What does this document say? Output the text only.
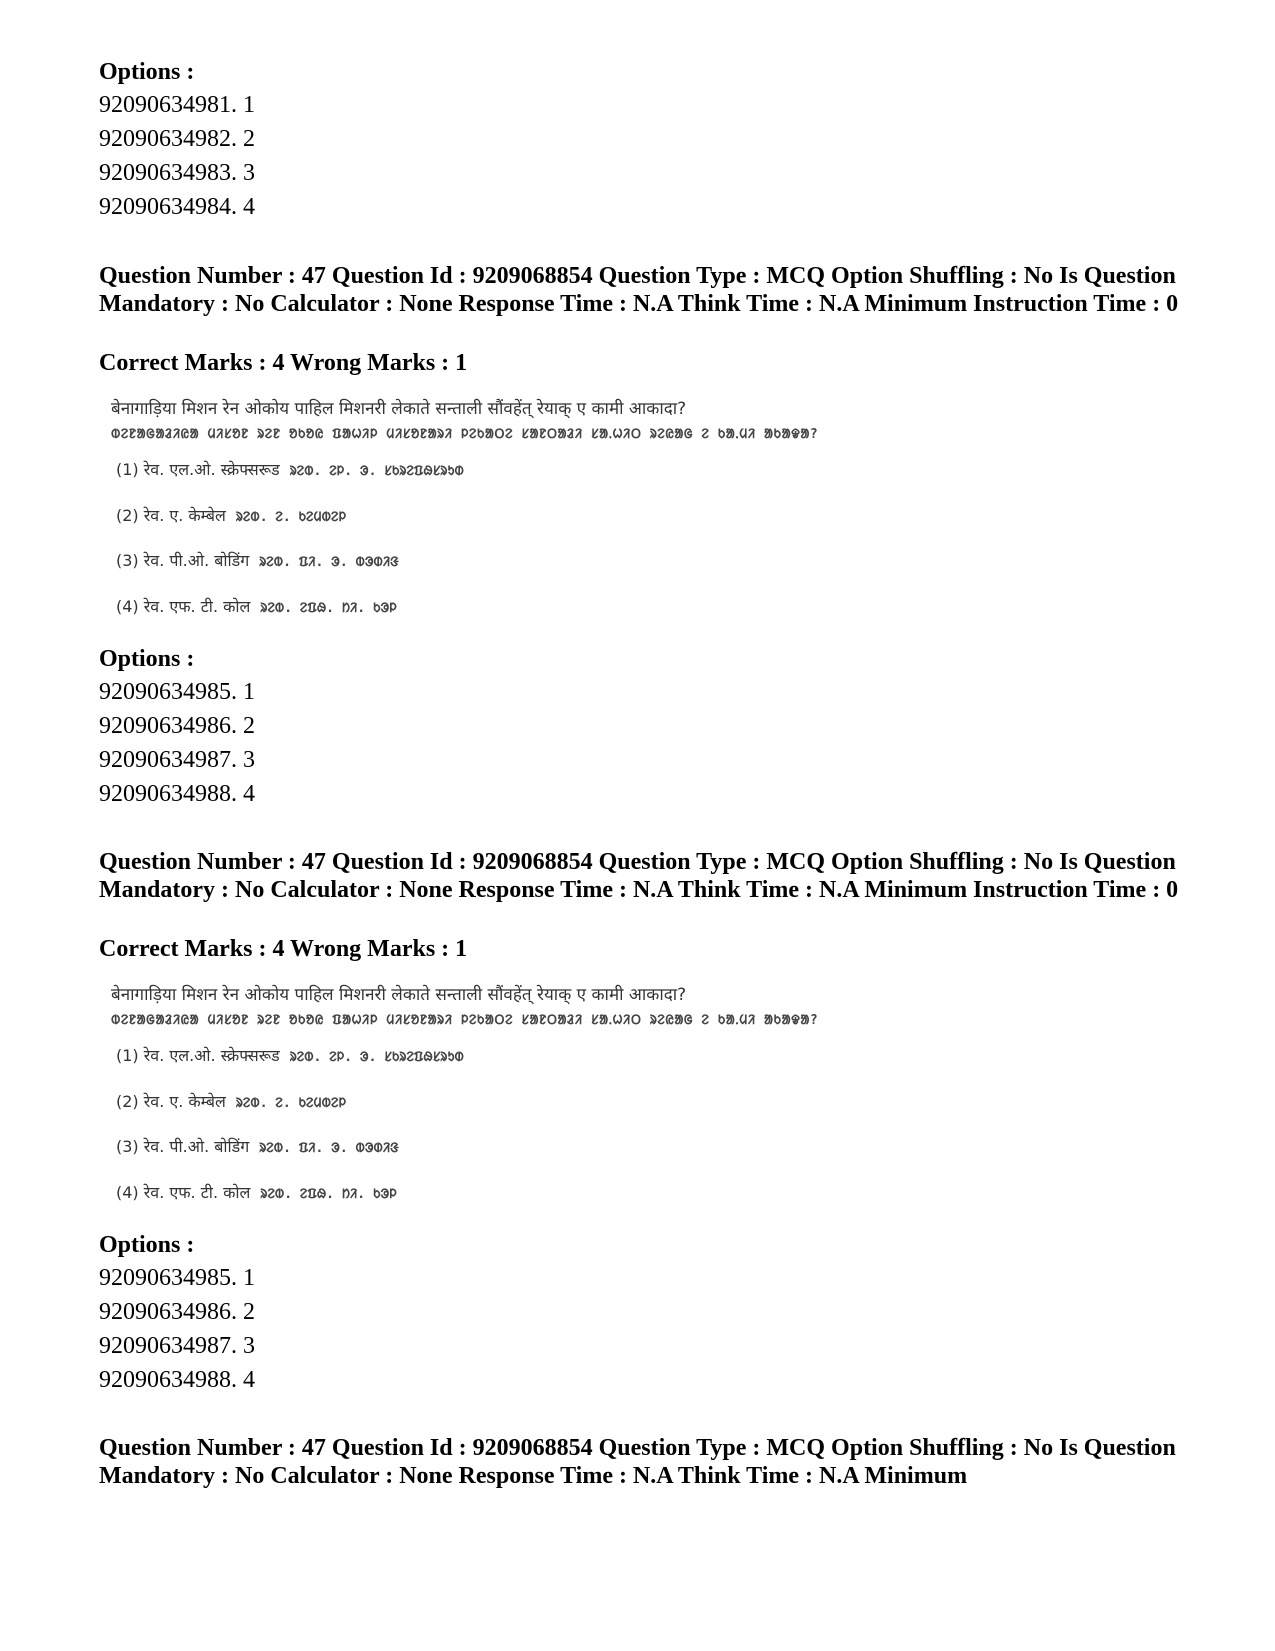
Options :

92090634981. 1

92090634982. 2

92090634983. 3

92090634984. 4

Question Number : 47 Question Id : 9209068854 Question Type : MCQ Option Shuffling : No Is Question Mandatory : No Calculator : None Response Time : N.A Think Time : N.A Minimum Instruction Time : 0

Correct Marks : 4 Wrong Marks : 1

बेनागाड़िया मिशन रेन ओकोय पाहिल मिशनरी लेकाते सन्ताली सौंवहेंत् रेयाक् ए कामी आकादा?
ᱵᱮᱱᱟᱜᱟᱲᱤᱭᱟ ᱢᱤᱥᱚᱱ ᱨᱮᱱ ᱚᱠᱚᱭ ᱯᱟᱦᱤᱞ ᱢᱤᱥᱚᱱᱟᱨᱤ ᱞᱮᱠᱟᱛᱮ ᱥᱟᱱᱛᱟᱲᱤ ᱥᱟᱹᱦᱤᱛ ᱨᱮᱭᱟᱜ ᱮ ᱠᱟᱹᱢᱤ ᱟᱠᱟᱫᱟ?
(1) रेव. एल.ओ. स्क्रेफ्सरूड ᱨᱮᱵ. ᱮᱞ. ᱳ. ᱥᱠᱨᱮᱯᱷᱥᱨᱩᱰ
(2) रेव. ए. केम्बेल ᱨᱮᱵ. ᱮ. ᱠᱮᱢᱵᱮᱞ
(3) रेव. पी.ओ. बोडिंग ᱨᱮᱵ. ᱯᱤ. ᱳ. ᱵᱳᱰᱤᱝ
(4) रेव. एफ. टी. कोल ᱨᱮᱵ. ᱮᱯᱷ. ᱴᱤ. ᱠᱳᱞ

Options :

92090634985. 1

92090634986. 2

92090634987. 3

92090634988. 4

Question Number : 47 Question Id : 9209068854 Question Type : MCQ Option Shuffling : No Is Question Mandatory : No Calculator : None Response Time : N.A Think Time : N.A Minimum Instruction Time : 0

Correct Marks : 4 Wrong Marks : 1

बेनागाड़िया मिशन रेन ओकोय पाहिल मिशनरी लेकाते सन्ताली सौंवहेंत् रेयाक् ए कामी आकादा?
ᱵᱮᱱᱟᱜᱟᱲᱤᱭᱟ ᱢᱤᱥᱚᱱ ᱨᱮᱱ ᱚᱠᱚᱭ ᱯᱟᱦᱤᱞ ᱢᱤᱥᱚᱱᱟᱨᱤ ᱞᱮᱠᱟᱛᱮ ᱥᱟᱱᱛᱟᱲᱤ ᱥᱟᱹᱦᱤᱛ ᱨᱮᱭᱟᱜ ᱮ ᱠᱟᱹᱢᱤ ᱟᱠᱟᱫᱟ?
(1) रेव. एल.ओ. स्क्रेफ्सरूड ᱨᱮᱵ. ᱮᱞ. ᱳ. ᱥᱠᱨᱮᱯᱷᱥᱨᱩᱰ
(2) रेव. ए. केम्बेल ᱨᱮᱵ. ᱮ. ᱠᱮᱢᱵᱮᱞ
(3) रेव. पी.ओ. बोडिंग ᱨᱮᱵ. ᱯᱤ. ᱳ. ᱵᱳᱰᱤᱝ
(4) रेव. एफ. टी. कोल ᱨᱮᱵ. ᱮᱯᱷ. ᱴᱤ. ᱠᱳᱞ

Options :

92090634985. 1

92090634986. 2

92090634987. 3

92090634988. 4

Question Number : 47 Question Id : 9209068854 Question Type : MCQ Option Shuffling : No Is Question Mandatory : No Calculator : None Response Time : N.A Think Time : N.A Minimum
